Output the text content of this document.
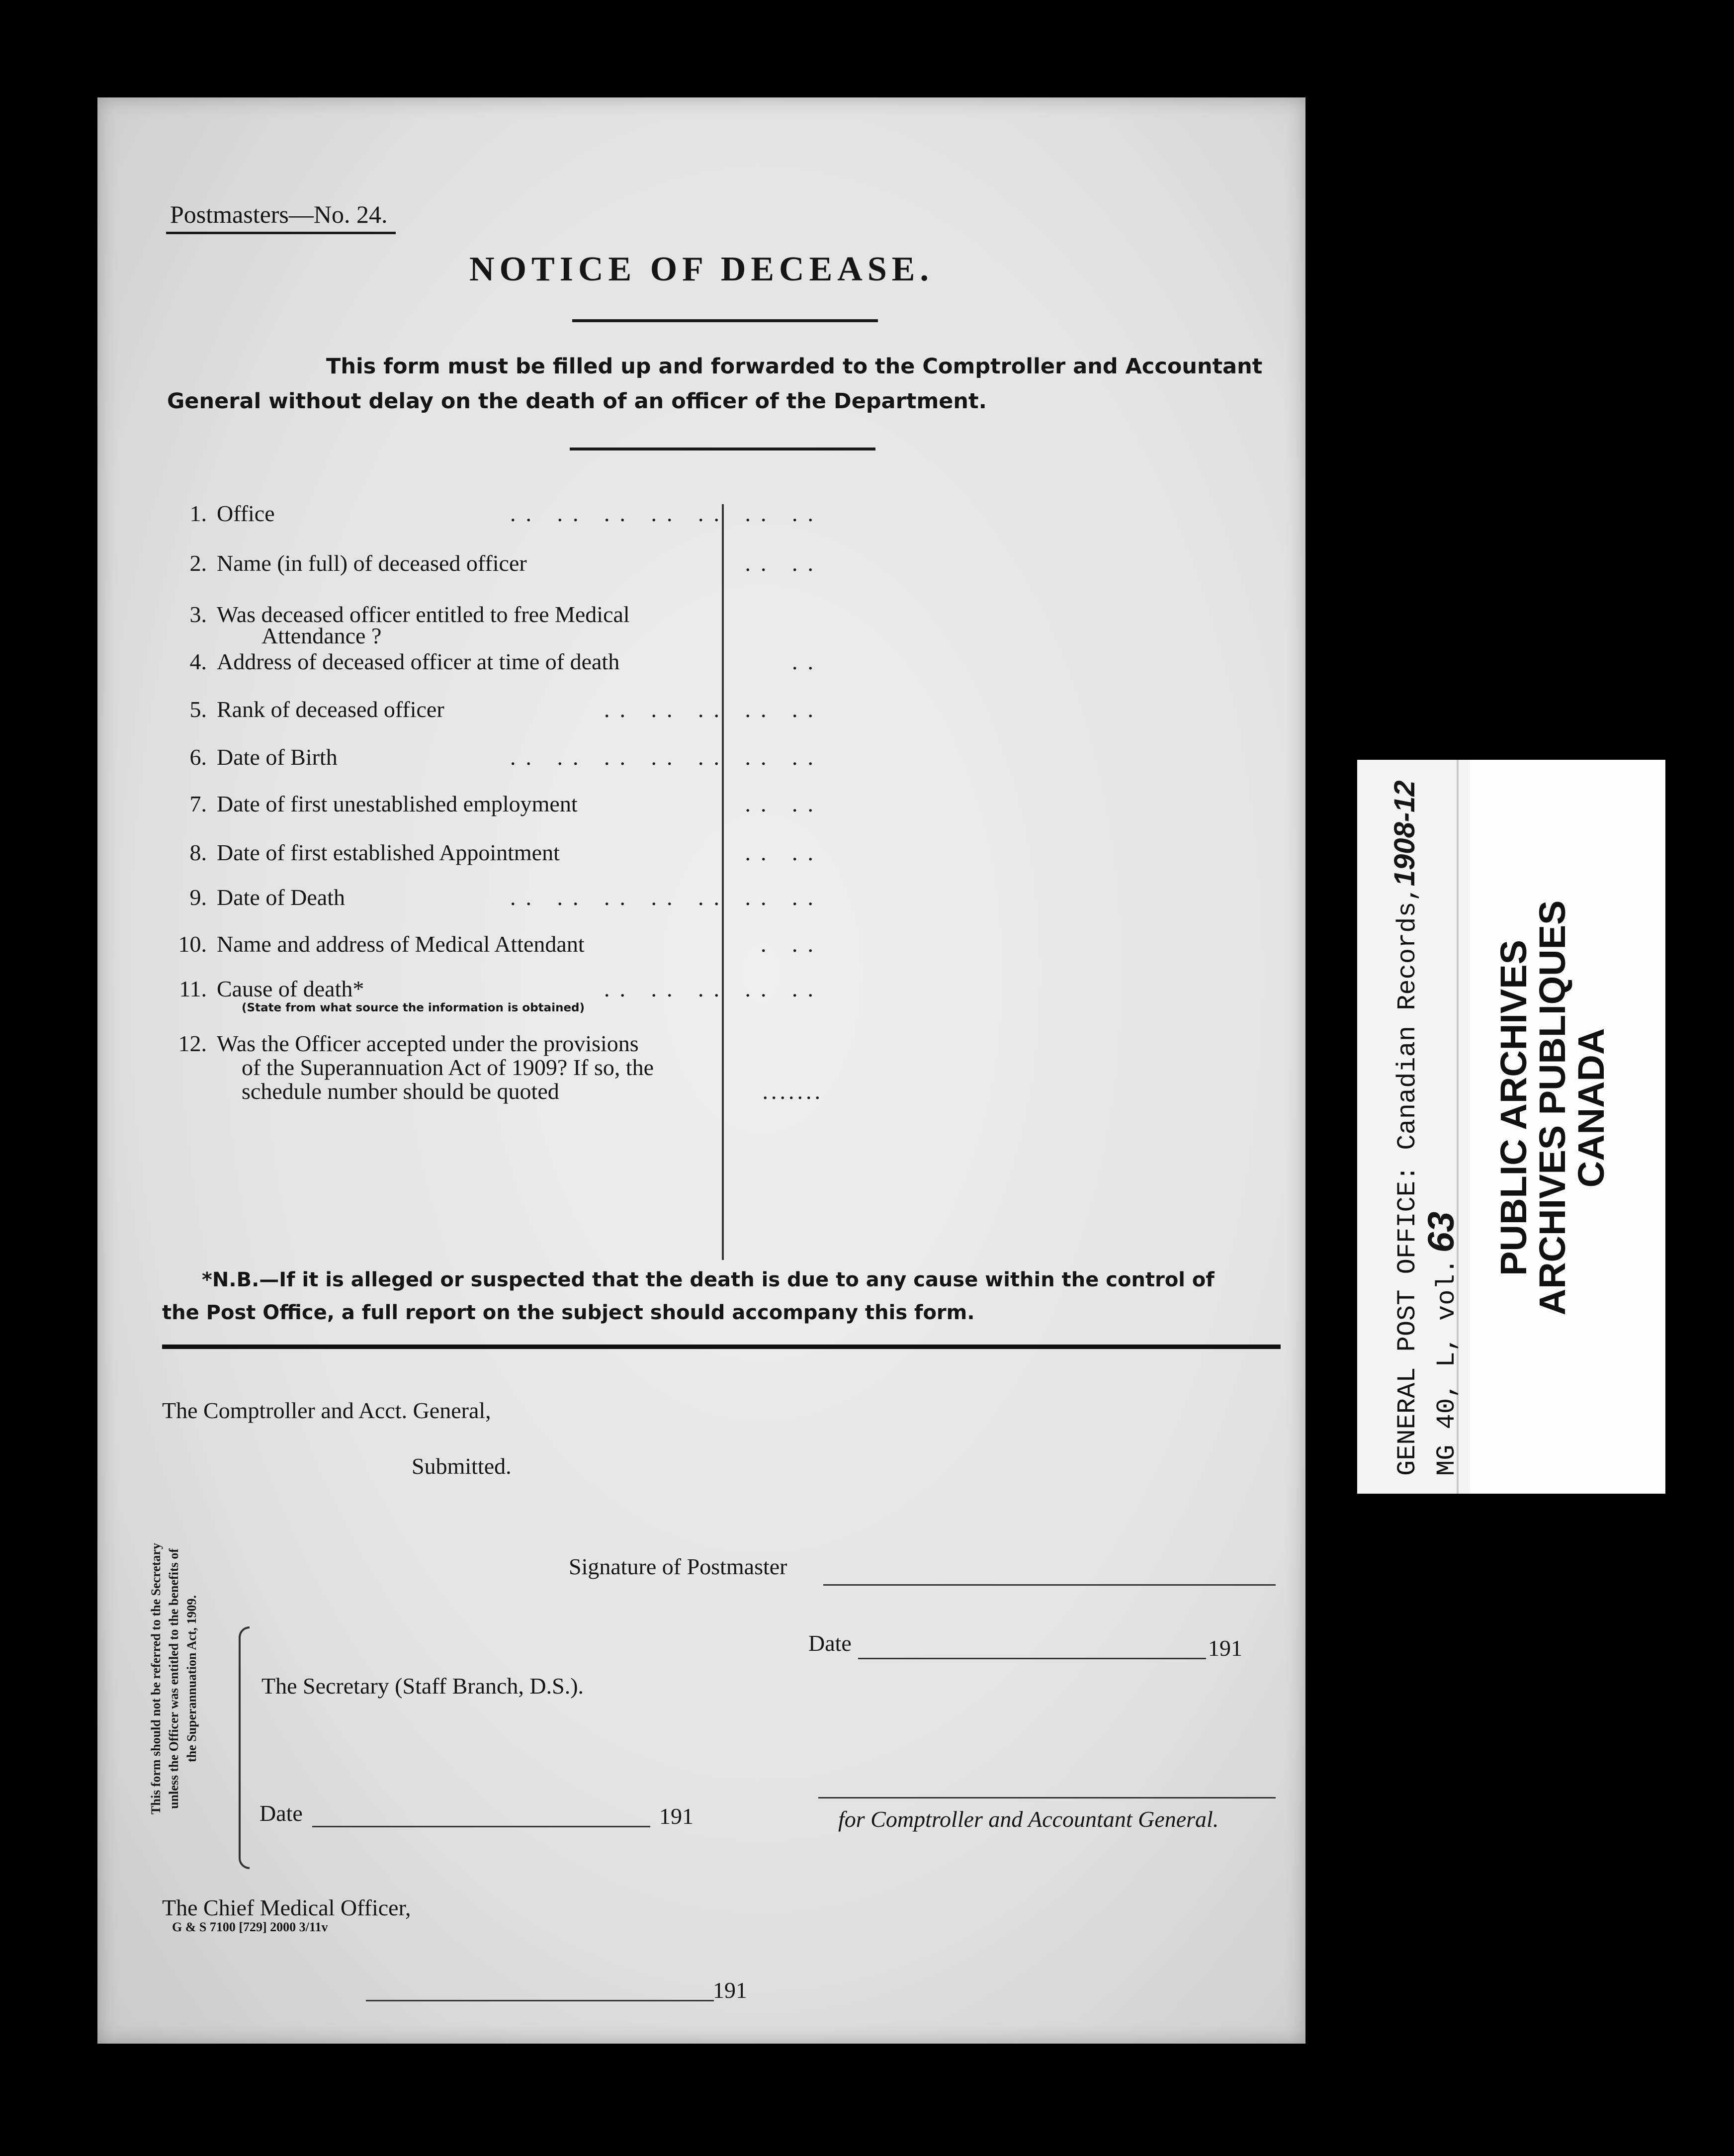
Postmasters—No. 24.
NOTICE OF DECEASE.
This form must be filled up and forwarded to the Comptroller and Accountant
General without delay on the death of an officer of the Department.
1. Office	.. .. .. .. .. .. ..
2. Name (in full) of deceased officer	.. ..
3. Was deceased officer entitled to free Medical
Attendance ?
4. Address of deceased officer at time of death	..
5. Rank of deceased officer	.. .. .. .. ..
6. Date of Birth	.. .. .. .. .. .. ..
7. Date of first unestablished employment	.. ..
8. Date of first established Appointment	.. ..
9. Date of Death	.. .. .. .. .. .. ..
10. Name and address of Medical Attendant	. ..
11. Cause of death*	.. .. .. .. ..
(State from what source the information is obtained)
12. Was the Officer accepted under the provisions
of the Superannuation Act of 1909? If so, the
schedule number should be quoted	.......
*N.B.—If it is alleged or suspected that the death is due to any cause within the control of
the Post Office, a full report on the subject should accompany this form.
The Comptroller and Acct. General,
Submitted.
Signature of Postmaster
Date	191
This form should not be referred to the Secretary unless the Officer was entitled to the benefits of the Superannuation Act, 1909.	The Secretary (Staff Branch, D.S.).
Date	191	for Comptroller and Accountant General.
The Chief Medical Officer,
191
G & S 7100 [729] 2000 3/11v
GENERAL POST OFFICE: Canadian Records,1908-12
MG 40, L, vol.63 PUBLIC ARCHIVES
ARCHIVES PUBLIQUES
CANADA
